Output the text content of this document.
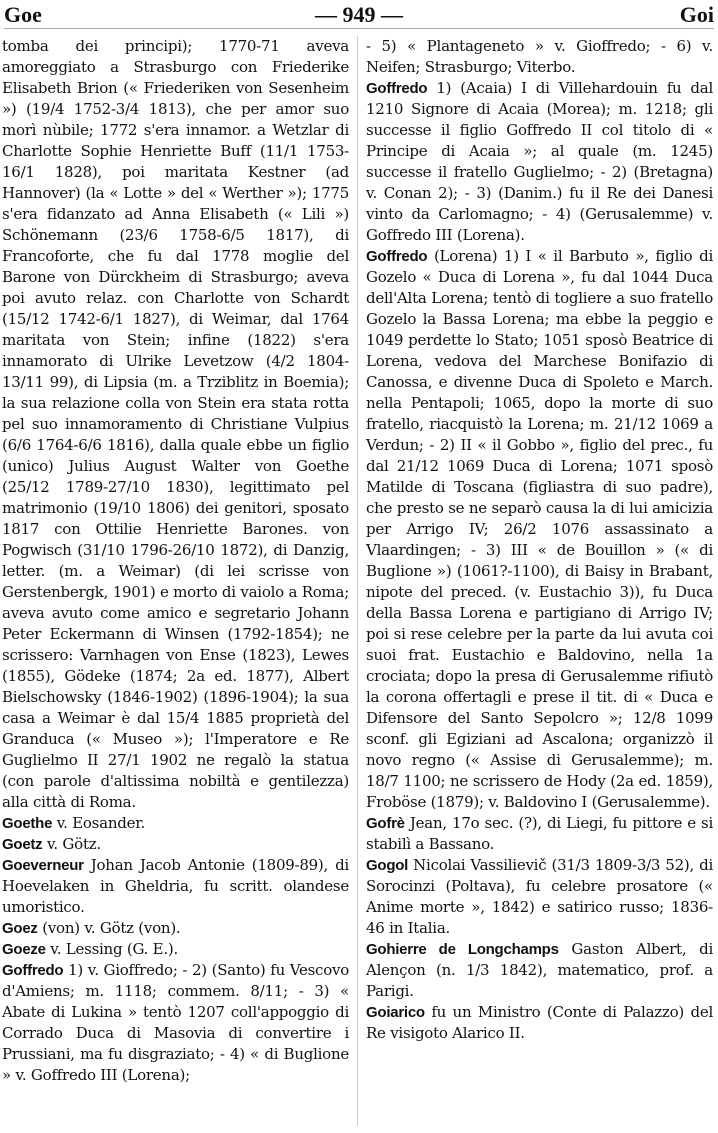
Goe	— 949 —	Goi

tomba dei principi); 1770-71 aveva amoreggiato a Strasburgo con Friederike Elisabeth Brion (« Friederiken von Sesenheim ») (19/4 1752-3/4 1813), che per amor suo morì nùbile; 1772 s'era innamor. a Wetzlar di Charlotte Sophie Henriette Buff (11/1 1753-16/1 1828), poi maritata Kestner (ad Hannover) (la « Lotte » del « Werther »); 1775 s'era fidanzato ad Anna Elisabeth (« Lili ») Schönemann (23/6 1758-6/5 1817), di Francoforte, che fu dal 1778 moglie del Barone von Dürckheim di Strasburgo; aveva poi avuto relaz. con Charlotte von Schardt (15/12 1742-6/1 1827), di Weimar, dal 1764 maritata von Stein; infine (1822) s'era innamorato di Ulrike Levetzow (4/2 1804-13/11 99), di Lipsia (m. a Trziblitz in Boemia); la sua relazione colla von Stein era stata rotta pel suo innamoramento di Christiane Vulpius (6/6 1764-6/6 1816), dalla quale ebbe un figlio (unico) Julius August Walter von Goethe (25/12 1789-27/10 1830), legittimato pel matrimonio (19/10 1806) dei genitori, sposato 1817 con Ottilie Henriette Barones. von Pogwisch (31/10 1796-26/10 1872), di Danzig, letter. (m. a Weimar) (di lei scrisse von Gerstenbergk, 1901) e morto di vaiolo a Roma; aveva avuto come amico e segretario Johann Peter Eckermann di Winsen (1792-1854); ne scrissero: Varnhagen von Ense (1823), Lewes (1855), Gödeke (1874; 2a ed. 1877), Albert Bielschowsky (1846-1902) (1896-1904); la sua casa a Weimar è dal 15/4 1885 proprietà del Granduca (« Museo »); l'Imperatore e Re Guglielmo II 27/1 1902 ne regalò la statua (con parole d'altissima nobiltà e gentilezza) alla città di Roma.

Goethe v. Eosander.

Goetz v. Götz.

Goeverneur Johan Jacob Antonie (1809-89), di Hoevelaken in Gheldria, fu scritt. olandese umoristico.

Goez (von) v. Götz (von).

Goeze v. Lessing (G. E.).

Goffredo 1) v. Gioffredo; - 2) (Santo) fu Vescovo d'Amiens; m. 1118; commem. 8/11; - 3) « Abate di Lukina » tentò 1207 coll'appoggio di Corrado Duca di Masovia di convertire i Prussiani, ma fu disgraziato; - 4) « di Buglione » v. Goffredo III (Lorena);

- 5) « Plantageneto » v. Gioffredo; - 6) v. Neifen; Strasburgo; Viterbo.

Goffredo 1) (Acaia) I di Villehardouin fu dal 1210 Signore di Acaia (Morea); m. 1218; gli successe il figlio Goffredo II col titolo di « Principe di Acaia »; al quale (m. 1245) successe il fratello Guglielmo; - 2) (Bretagna) v. Conan 2); - 3) (Danim.) fu il Re dei Danesi vinto da Carlomagno; - 4) (Gerusalemme) v. Goffredo III (Lorena).

Goffredo (Lorena) 1) I « il Barbuto », figlio di Gozelo « Duca di Lorena », fu dal 1044 Duca dell'Alta Lorena; tentò di togliere a suo fratello Gozelo la Bassa Lorena; ma ebbe la peggio e 1049 perdette lo Stato; 1051 sposò Beatrice di Lorena, vedova del Marchese Bonifazio di Canossa, e divenne Duca di Spoleto e March. nella Pentapoli; 1065, dopo la morte di suo fratello, riacquistò la Lorena; m. 21/12 1069 a Verdun; - 2) II « il Gobbo », figlio del prec., fu dal 21/12 1069 Duca di Lorena; 1071 sposò Matilde di Toscana (figliastra di suo padre), che presto se ne separò causa la di lui amicizia per Arrigo IV; 26/2 1076 assassinato a Vlaardingen; - 3) III « de Bouillon » (« di Buglione ») (1061?-1100), di Baisy in Brabant, nipote del preced. (v. Eustachio 3)), fu Duca della Bassa Lorena e partigiano di Arrigo IV; poi si rese celebre per la parte da lui avuta coi suoi frat. Eustachio e Baldovino, nella 1a crociata; dopo la presa di Gerusalemme rifiutò la corona offertagli e prese il tit. di « Duca e Difensore del Santo Sepolcro »; 12/8 1099 sconf. gli Egiziani ad Ascalona; organizzò il novo regno (« Assise di Gerusalemme); m. 18/7 1100; ne scrissero de Hody (2a ed. 1859), Froböse (1879); v. Baldovino I (Gerusalemme).

Gofrè Jean, 17o sec. (?), di Liegi, fu pittore e si stabilì a Bassano.

Gogol Nicolai Vassilievič (31/3 1809-3/3 52), di Sorocinzi (Poltava), fu celebre prosatore (« Anime morte », 1842) e satirico russo; 1836-46 in Italia.

Gohierre de Longchamps Gaston Albert, di Alençon (n. 1/3 1842), matematico, prof. a Parigi.

Goiarico fu un Ministro (Conte di Palazzo) del Re visigoto Alarico II.
